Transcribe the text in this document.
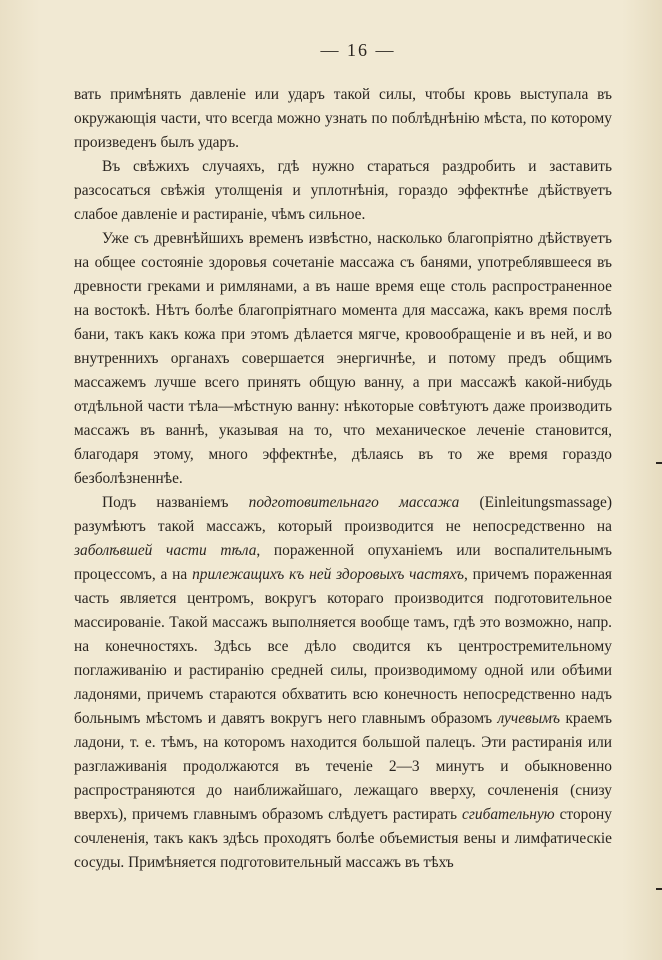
— 16 —

вать примѣнять давленіе или ударъ такой силы, чтобы кровь выступала въ окружающія части, что всегда можно узнать по поблѣднѣнію мѣста, по которому произведенъ былъ ударъ.

Въ свѣжихъ случаяхъ, гдѣ нужно стараться раздробить и заставить разсосаться свѣжія утолщенія и уплотнѣнія, гораздо эффектнѣе дѣйствуетъ слабое давленіе и растираніе, чѣмъ сильное.

Уже съ древнѣйшихъ временъ извѣстно, насколько благопріятно дѣйствуетъ на общее состояніе здоровья сочетаніе массажа съ банями, употреблявшееся въ древности греками и римлянами, а въ наше время еще столь распространенное на востокѣ. Нѣтъ болѣе благопріятнаго момента для массажа, какъ время послѣ бани, такъ какъ кожа при этомъ дѣлается мягче, кровообращеніе и въ ней, и во внутреннихъ органахъ совершается энергичнѣе, и потому предъ общимъ массажемъ лучше всего принять общую ванну, а при массажѣ какой-нибудь отдѣльной части тѣла—мѣстную ванну: нѣкоторые совѣтуютъ даже производить массажъ въ ваннѣ, указывая на то, что механическое леченіе становится, благодаря этому, много эффектнѣе, дѣлаясь въ то же время гораздо безболѣзненнѣе.

Подъ названіемъ подготовительнаго массажа (Einleitungsmassage) разумѣютъ такой массажъ, который производится не непосредственно на заболѣвшей части тѣла, пораженной опуханіемъ или воспалительнымъ процессомъ, а на прилежащихъ къ ней здоровыхъ частяхъ, причемъ пораженная часть является центромъ, вокругъ котораго производится подготовительное массированіе. Такой массажъ выполняется вообще тамъ, гдѣ это возможно, напр. на конечностяхъ. Здѣсь все дѣло сводится къ центростремительному поглаживанію и растиранію средней силы, производимому одной или обѣими ладонями, причемъ стараются обхватить всю конечность непосредственно надъ больнымъ мѣстомъ и давятъ вокругъ него главнымъ образомъ лучевымъ краемъ ладони, т. е. тѣмъ, на которомъ находится большой палецъ. Эти растиранія или разглаживанія продолжаются въ теченіе 2—3 минутъ и обыкновенно распространяются до наиближайшаго, лежащаго вверху, сочлененія (снизу вверхъ), причемъ главнымъ образомъ слѣдуетъ растирать сгибательную сторону сочлененія, такъ какъ здѣсь проходятъ болѣе объемистыя вены и лимфатическіе сосуды. Примѣняется подготовительный массажъ въ тѣхъ
